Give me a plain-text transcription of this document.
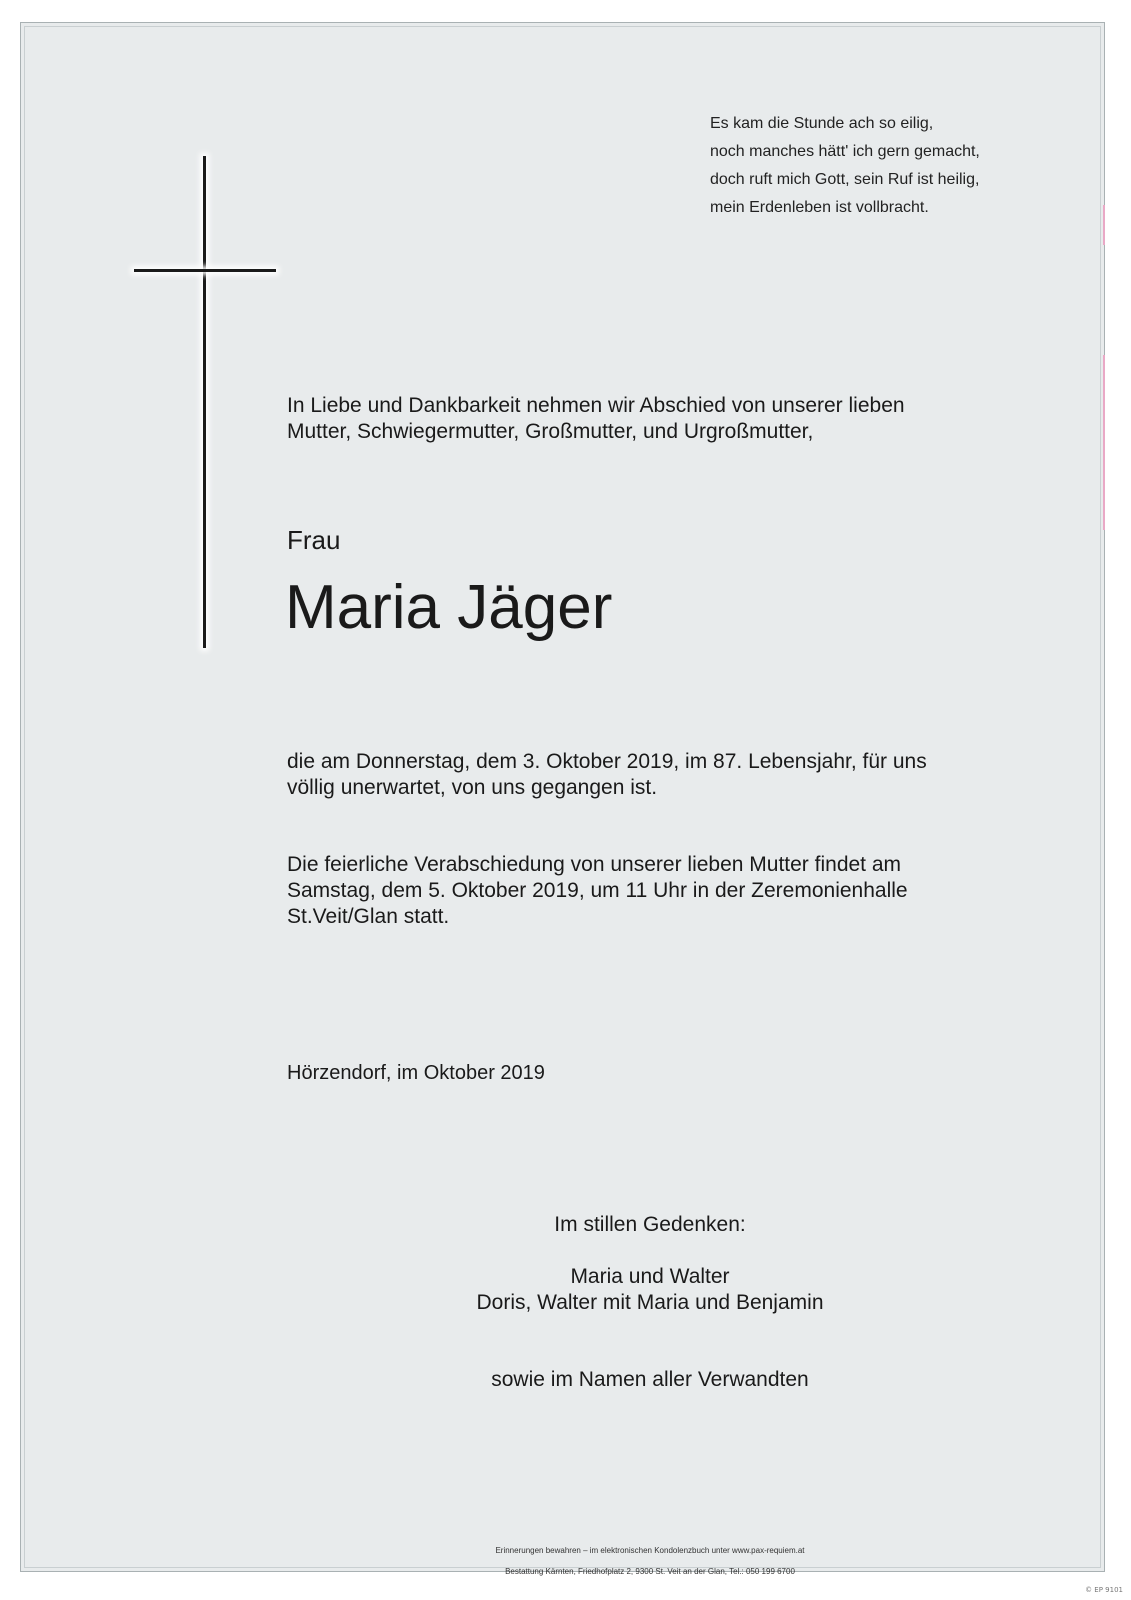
Es kam die Stunde ach so eilig,
noch manches hätt' ich gern gemacht,
doch ruft mich Gott, sein Ruf ist heilig,
mein Erdenleben ist vollbracht.
In Liebe und Dankbarkeit nehmen wir Abschied von unserer lieben
Mutter, Schwiegermutter, Großmutter, und Urgroßmutter,
Frau
Maria Jäger
die am Donnerstag, dem 3. Oktober 2019, im 87. Lebensjahr, für uns
völlig unerwartet, von uns gegangen ist.
Die feierliche Verabschiedung von unserer lieben Mutter findet am
Samstag, dem 5. Oktober 2019, um 11 Uhr in der Zeremonienhalle
St.Veit/Glan statt.
Hörzendorf, im Oktober 2019
Im stillen Gedenken:
Maria und Walter
Doris, Walter mit Maria und Benjamin
sowie im Namen aller Verwandten
Erinnerungen bewahren – im elektronischen Kondolenzbuch unter www.pax-requiem.at
Bestattung Kärnten, Friedhofplatz 2, 9300 St. Veit an der Glan, Tel.: 050 199 6700
© EP 9101
